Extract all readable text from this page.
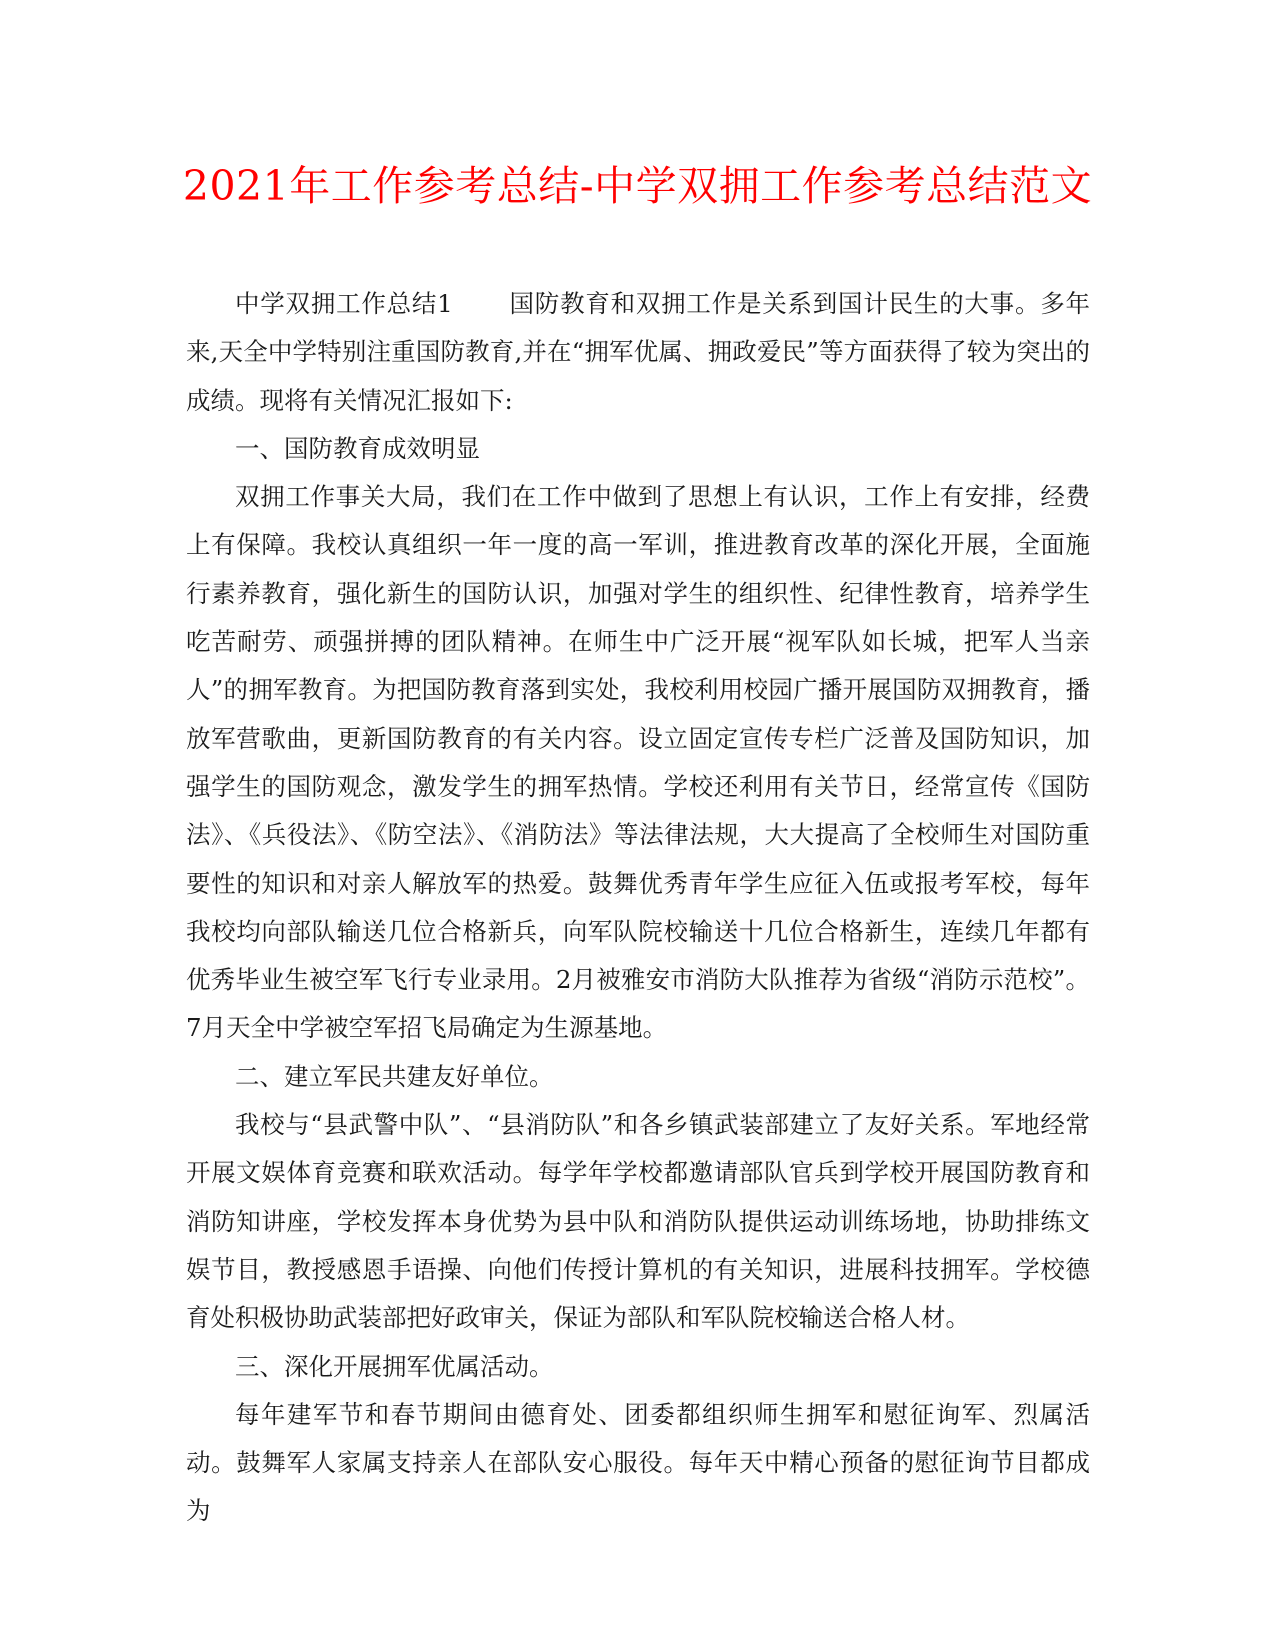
2021年工作参考总结-中学双拥工作参考总结范文

中学双拥工作总结1 国防教育和双拥工作是关系到国计民生的大事。多年来,天全中学特别注重国防教育,并在“拥军优属、拥政爱民”等方面获得了较为突出的成绩。现将有关情况汇报如下:

一、国防教育成效明显

双拥工作事关大局，我们在工作中做到了思想上有认识，工作上有安排，经费上有保障。我校认真组织一年一度的高一军训，推进教育改革的深化开展，全面施行素养教育，强化新生的国防认识，加强对学生的组织性、纪律性教育，培养学生吃苦耐劳、顽强拼搏的团队精神。在师生中广泛开展“视军队如长城，把军人当亲人”的拥军教育。为把国防教育落到实处，我校利用校园广播开展国防双拥教育，播放军营歌曲，更新国防教育的有关内容。设立固定宣传专栏广泛普及国防知识，加强学生的国防观念，激发学生的拥军热情。学校还利用有关节日，经常宣传《国防法》、《兵役法》、《防空法》、《消防法》等法律法规，大大提高了全校师生对国防重要性的知识和对亲人解放军的热爱。鼓舞优秀青年学生应征入伍或报考军校，每年我校均向部队输送几位合格新兵，向军队院校输送十几位合格新生，连续几年都有优秀毕业生被空军飞行专业录用。2月被雅安市消防大队推荐为省级“消防示范校”。7月天全中学被空军招飞局确定为生源基地。

二、建立军民共建友好单位。

我校与“县武警中队”、“县消防队”和各乡镇武装部建立了友好关系。军地经常开展文娱体育竞赛和联欢活动。每学年学校都邀请部队官兵到学校开展国防教育和消防知讲座，学校发挥本身优势为县中队和消防队提供运动训练场地，协助排练文娱节目，教授感恩手语操、向他们传授计算机的有关知识，进展科技拥军。学校德育处积极协助武装部把好政审关，保证为部队和军队院校输送合格人材。

三、深化开展拥军优属活动。

每年建军节和春节期间由德育处、团委都组织师生拥军和慰征询军、烈属活动。鼓舞军人家属支持亲人在部队安心服役。每年天中精心预备的慰征询节目都成为
